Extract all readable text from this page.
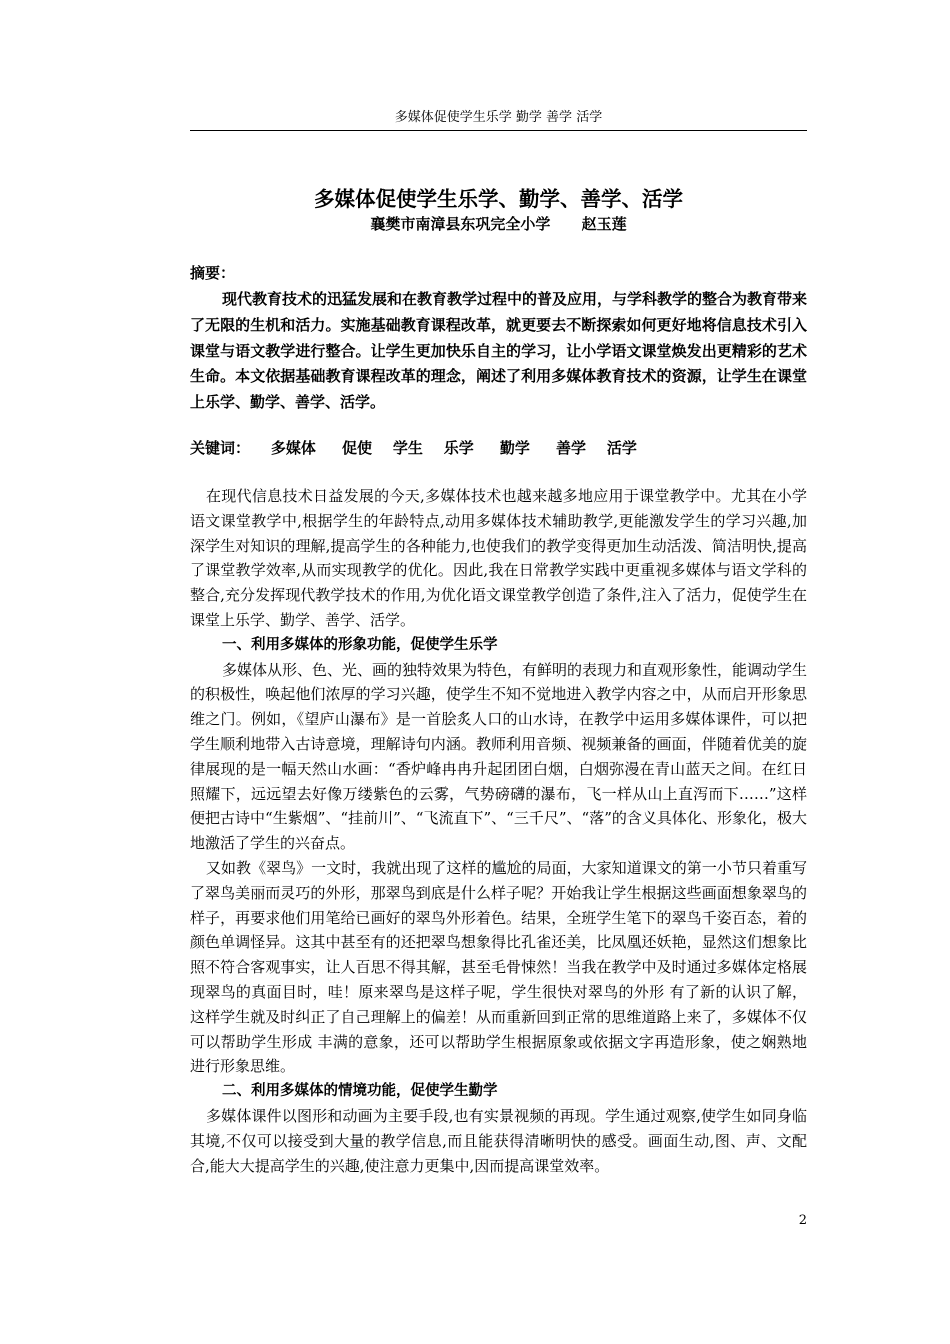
多媒体促使学生乐学 勤学 善学 活学
多媒体促使学生乐学、勤学、善学、活学
襄樊市南漳县东巩完全小学      赵玉莲
摘要：

现代教育技术的迅猛发展和在教育教学过程中的普及应用，与学科教学的整合为教育带来了无限的生机和活力。实施基础教育课程改革，就更要去不断探索如何更好地将信息技术引入课堂与语文教学进行整合。让学生更加快乐自主的学习，让小学语文课堂焕发出更精彩的艺术生命。本文依据基础教育课程改革的理念，阐述了利用多媒体教育技术的资源，让学生在课堂上乐学、勤学、善学、活学。

关键词：    多媒体     促使    学生    乐学     勤学     善学    活学

在现代信息技术日益发展的今天,多媒体技术也越来越多地应用于课堂教学中。尤其在小学语文课堂教学中,根据学生的年龄特点,动用多媒体技术辅助教学,更能激发学生的学习兴趣,加深学生对知识的理解,提高学生的各种能力,也使我们的教学变得更加生动活泼、简洁明快,提高了课堂教学效率,从而实现教学的优化。因此,我在日常教学实践中更重视多媒体与语文学科的整合,充分发挥现代教学技术的作用,为优化语文课堂教学创造了条件,注入了活力，促使学生在课堂上乐学、勤学、善学、活学。

一、利用多媒体的形象功能，促使学生乐学

多媒体从形、色、光、画的独特效果为特色，有鲜明的表现力和直观形象性，能调动学生的积极性，唤起他们浓厚的学习兴趣，使学生不知不觉地进入教学内容之中，从而启开形象思维之门。例如，《望庐山瀑布》是一首脍炙人口的山水诗，在教学中运用多媒体课件，可以把学生顺利地带入古诗意境，理解诗句内涵。教师利用音频、视频兼备的画面，伴随着优美的旋律展现的是一幅天然山水画：“香炉峰冉冉升起团团白烟，白烟弥漫在青山蓝天之间。在红日照耀下，远远望去好像万缕紫色的云雾，气势磅礴的瀑布，飞一样从山上直泻而下……”这样便把古诗中“生紫烟”、“挂前川”、“飞流直下”、“三千尺”、“落”的含义具体化、形象化，极大地激活了学生的兴奋点。

又如教《翠鸟》一文时，我就出现了这样的尴尬的局面，大家知道课文的第一小节只着重写了翠鸟美丽而灵巧的外形，那翠鸟到底是什么样子呢？开始我让学生根据这些画面想象翠鸟的样子，再要求他们用笔给已画好的翠鸟外形着色。结果，全班学生笔下的翠鸟千姿百态，着的颜色单调怪异。这其中甚至有的还把翠鸟想象得比孔雀还美，比凤凰还妖艳，显然这们想象比照不符合客观事实，让人百思不得其解，甚至毛骨悚然！当我在教学中及时通过多媒体定格展现翠鸟的真面目时，哇！原来翠鸟是这样子呢，学生很快对翠鸟的外形 有了新的认识了解，这样学生就及时纠正了自己理解上的偏差！从而重新回到正常的思维道路上来了，多媒体不仅可以帮助学生形成 丰满的意象，还可以帮助学生根据原象或依据文字再造形象，使之娴熟地进行形象思维。

二、利用多媒体的情境功能，促使学生勤学

多媒体课件以图形和动画为主要手段,也有实景视频的再现。学生通过观察,使学生如同身临其境,不仅可以接受到大量的教学信息,而且能获得清晰明快的感受。画面生动,图、声、文配合,能大大提高学生的兴趣,使注意力更集中,因而提高课堂效率。

2
